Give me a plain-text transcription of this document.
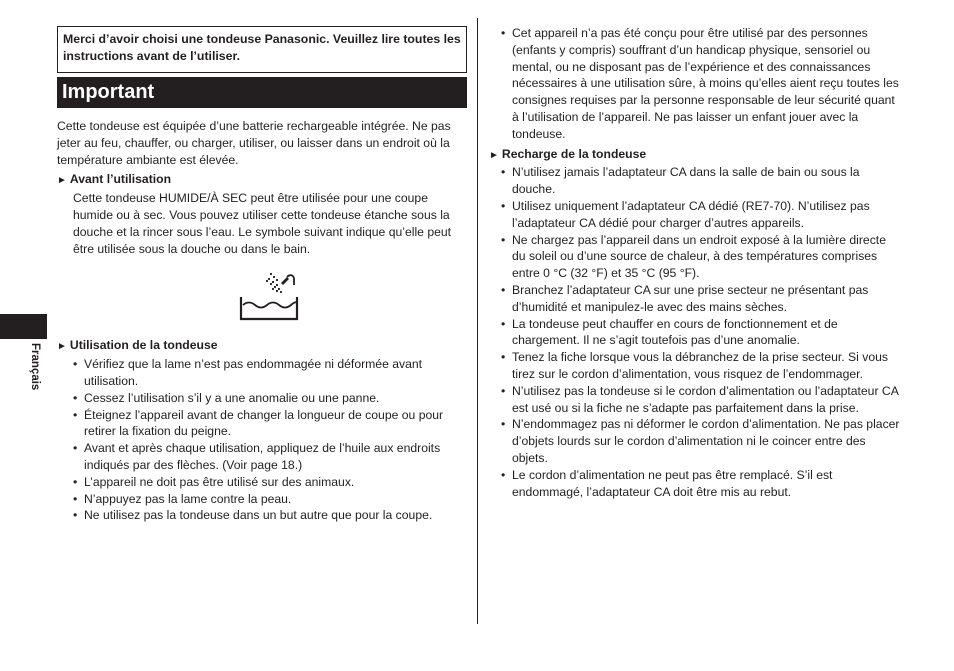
Merci d’avoir choisi une tondeuse Panasonic. Veuillez lire toutes les instructions avant de l’utiliser.
Important
Français

Cette tondeuse est équipée d’une batterie rechargeable intégrée. Ne pas jeter au feu, chauffer, ou charger, utiliser, ou laisser dans un endroit où la température ambiante est élevée.

► Avant l’utilisation

Cette tondeuse HUMIDE/À SEC peut être utilisée pour une coupe humide ou à sec. Vous pouvez utiliser cette tondeuse étanche sous la douche et la rincer sous l’eau. Le symbole suivant indique qu’elle peut être utilisée sous la douche ou dans le bain.

► Utilisation de la tondeuse

• Vérifiez que la lame n’est pas endommagée ni déformée avant utilisation.
• Cessez l’utilisation s’il y a une anomalie ou une panne.
• Éteignez l’appareil avant de changer la longueur de coupe ou pour retirer la fixation du peigne.
• Avant et après chaque utilisation, appliquez de l’huile aux endroits indiqués par des flèches. (Voir page 18.)
• L’appareil ne doit pas être utilisé sur des animaux.
• N’appuyez pas la lame contre la peau.
• Ne utilisez pas la tondeuse dans un but autre que pour la coupe.
• Cet appareil n’a pas été conçu pour être utilisé par des personnes (enfants y compris) souffrant d’un handicap physique, sensoriel ou mental, ou ne disposant pas de l’expérience et des connaissances nécessaires à une utilisation sûre, à moins qu’elles aient reçu toutes les consignes requises par la personne responsable de leur sécurité quant à l’utilisation de l’appareil. Ne pas laisser un enfant jouer avec la tondeuse.

► Recharge de la tondeuse

• N’utilisez jamais l’adaptateur CA dans la salle de bain ou sous la douche.
• Utilisez uniquement l’adaptateur CA dédié (RE7-70). N’utilisez pas l’adaptateur CA dédié pour charger d’autres appareils.
• Ne chargez pas l’appareil dans un endroit exposé à la lumière directe du soleil ou d’une source de chaleur, à des températures comprises entre 0 °C (32 °F) et 35 °C (95 °F).
• Branchez l’adaptateur CA sur une prise secteur ne présentant pas d’humidité et manipulez-le avec des mains sèches.
• La tondeuse peut chauffer en cours de fonctionnement et de chargement. Il ne s’agit toutefois pas d’une anomalie.
• Tenez la fiche lorsque vous la débranchez de la prise secteur. Si vous tirez sur le cordon d’alimentation, vous risquez de l’endommager.
• N’utilisez pas la tondeuse si le cordon d’alimentation ou l’adaptateur CA est usé ou si la fiche ne s’adapte pas parfaitement dans la prise.
• N’endommagez pas ni déformer le cordon d’alimentation. Ne pas placer d’objets lourds sur le cordon d’alimentation ni le coincer entre des objets.
• Le cordon d’alimentation ne peut pas être remplacé. S’il est endommagé, l’adaptateur CA doit être mis au rebut.
